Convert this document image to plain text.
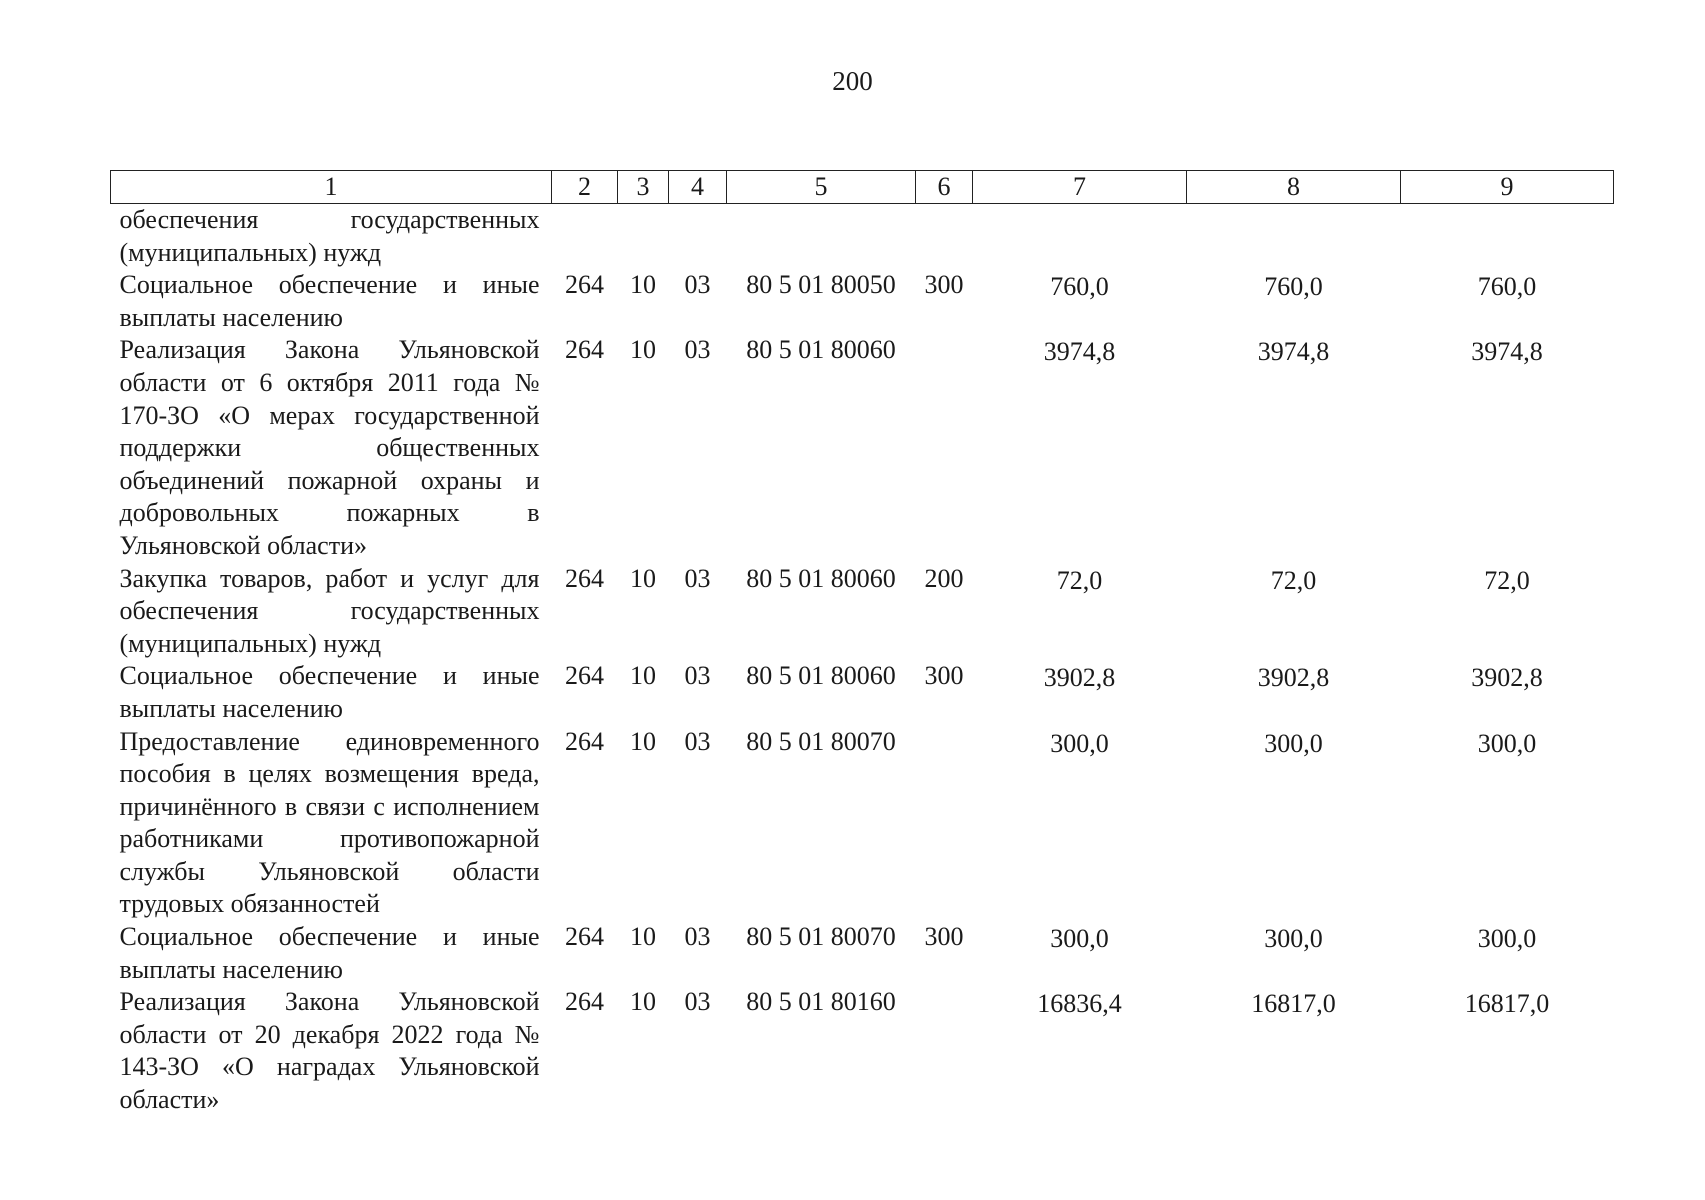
200
1	2	3	4	5	6	7	8	9
обеспечения государственных (муниципальных) нужд								
Социальное обеспечение и иные выплаты населению	264	10	03	80 5 01 80050	300	760,0	760,0	760,0
Реализация Закона Ульяновской области от 6 октября 2011 года № 170-ЗО «О мерах государственной поддержки общественных объединений пожарной охраны и добровольных пожарных в Ульяновской области»	264	10	03	80 5 01 80060		3974,8	3974,8	3974,8
Закупка товаров, работ и услуг для обеспечения государственных (муниципальных) нужд	264	10	03	80 5 01 80060	200	72,0	72,0	72,0
Социальное обеспечение и иные выплаты населению	264	10	03	80 5 01 80060	300	3902,8	3902,8	3902,8
Предоставление единовременного пособия в целях возмещения вреда, причинённого в связи с исполнением работниками противопожарной службы Ульяновской области трудовых обязанностей	264	10	03	80 5 01 80070		300,0	300,0	300,0
Социальное обеспечение и иные выплаты населению	264	10	03	80 5 01 80070	300	300,0	300,0	300,0
Реализация Закона Ульяновской области от 20 декабря 2022 года № 143-ЗО «О наградах Ульяновской области»	264	10	03	80 5 01 80160		16836,4	16817,0	16817,0
